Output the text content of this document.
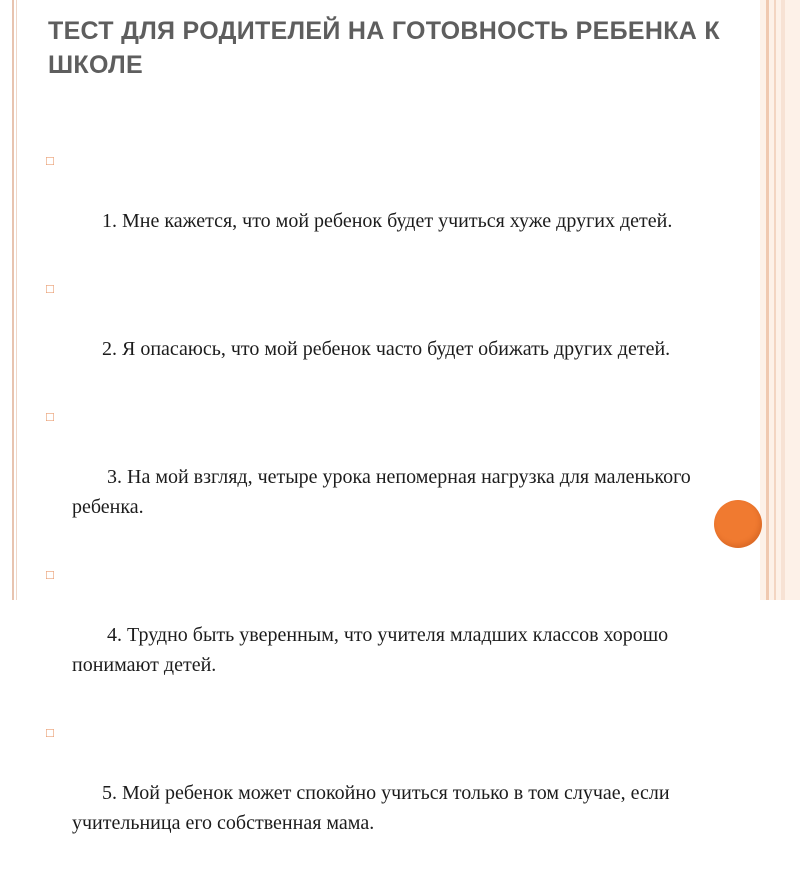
ТЕСТ ДЛЯ РОДИТЕЛЕЙ НА ГОТОВНОСТЬ РЕБЕНКА К ШКОЛЕ

□

1. Мне кажется, что мой ребенок будет учиться хуже других детей.

□

2. Я опасаюсь, что мой ребенок часто будет обижать других детей.

□

3. На мой взгляд, четыре урока непомерная нагрузка для маленького ребенка.

□

4. Трудно быть уверенным, что учителя младших классов хорошо понимают детей.

□

5. Мой ребенок может спокойно учиться только в том случае, если учительница его собственная мама.
